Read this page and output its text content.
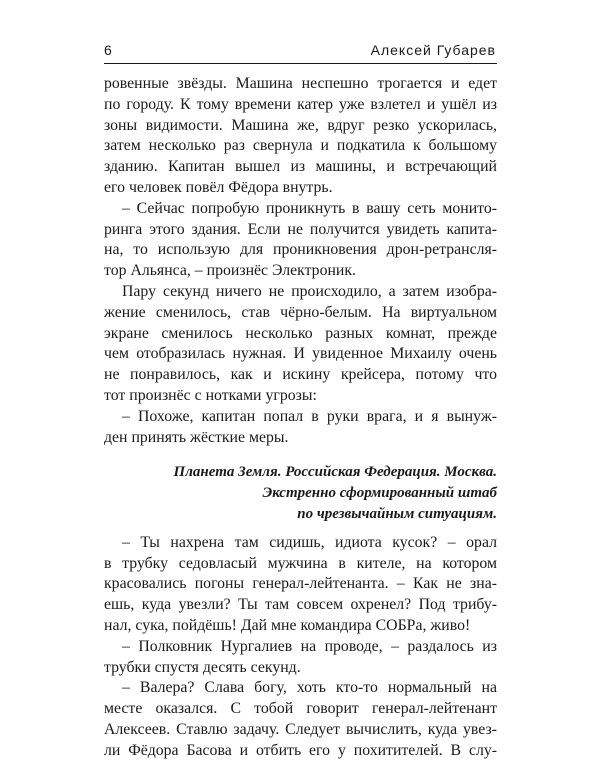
6	Алексей Губарев
ровенные звёзды. Машина неспешно трогается и едет
по городу. К тому времени катер уже взлетел и ушёл из
зоны видимости. Машина же, вдруг резко ускорилась,
затем несколько раз свернула и подкатила к большому
зданию. Капитан вышел из машины, и встречающий
его человек повёл Фёдора внутрь.
– Сейчас попробую проникнуть в вашу сеть монито-
ринга этого здания. Если не получится увидеть капита-
на, то использую для проникновения дрон-ретрансля-
тор Альянса, – произнёс Электроник.
Пару секунд ничего не происходило, а затем изобра-
жение сменилось, став чёрно-белым. На виртуальном
экране сменилось несколько разных комнат, прежде
чем отобразилась нужная. И увиденное Михаилу очень
не понравилось, как и искину крейсера, потому что
тот произнёс с нотками угрозы:
– Похоже, капитан попал в руки врага, и я вынуж-
ден принять жёсткие меры.
Планета Земля. Российская Федерация. Москва.
Экстренно сформированный штаб
по чрезвычайным ситуациям.
– Ты нахрена там сидишь, идиота кусок? – орал
в трубку седовласый мужчина в кителе, на котором
красовались погоны генерал-лейтенанта. – Как не зна-
ешь, куда увезли? Ты там совсем охренел? Под трибу-
нал, сука, пойдёшь! Дай мне командира СОБРа, живо!
– Полковник Нургалиев на проводе, – раздалось из
трубки спустя десять секунд.
– Валера? Слава богу, хоть кто-то нормальный на
месте оказался. С тобой говорит генерал-лейтенант
Алексеев. Ставлю задачу. Следует вычислить, куда увез-
ли Фёдора Басова и отбить его у похитителей. В слу-
